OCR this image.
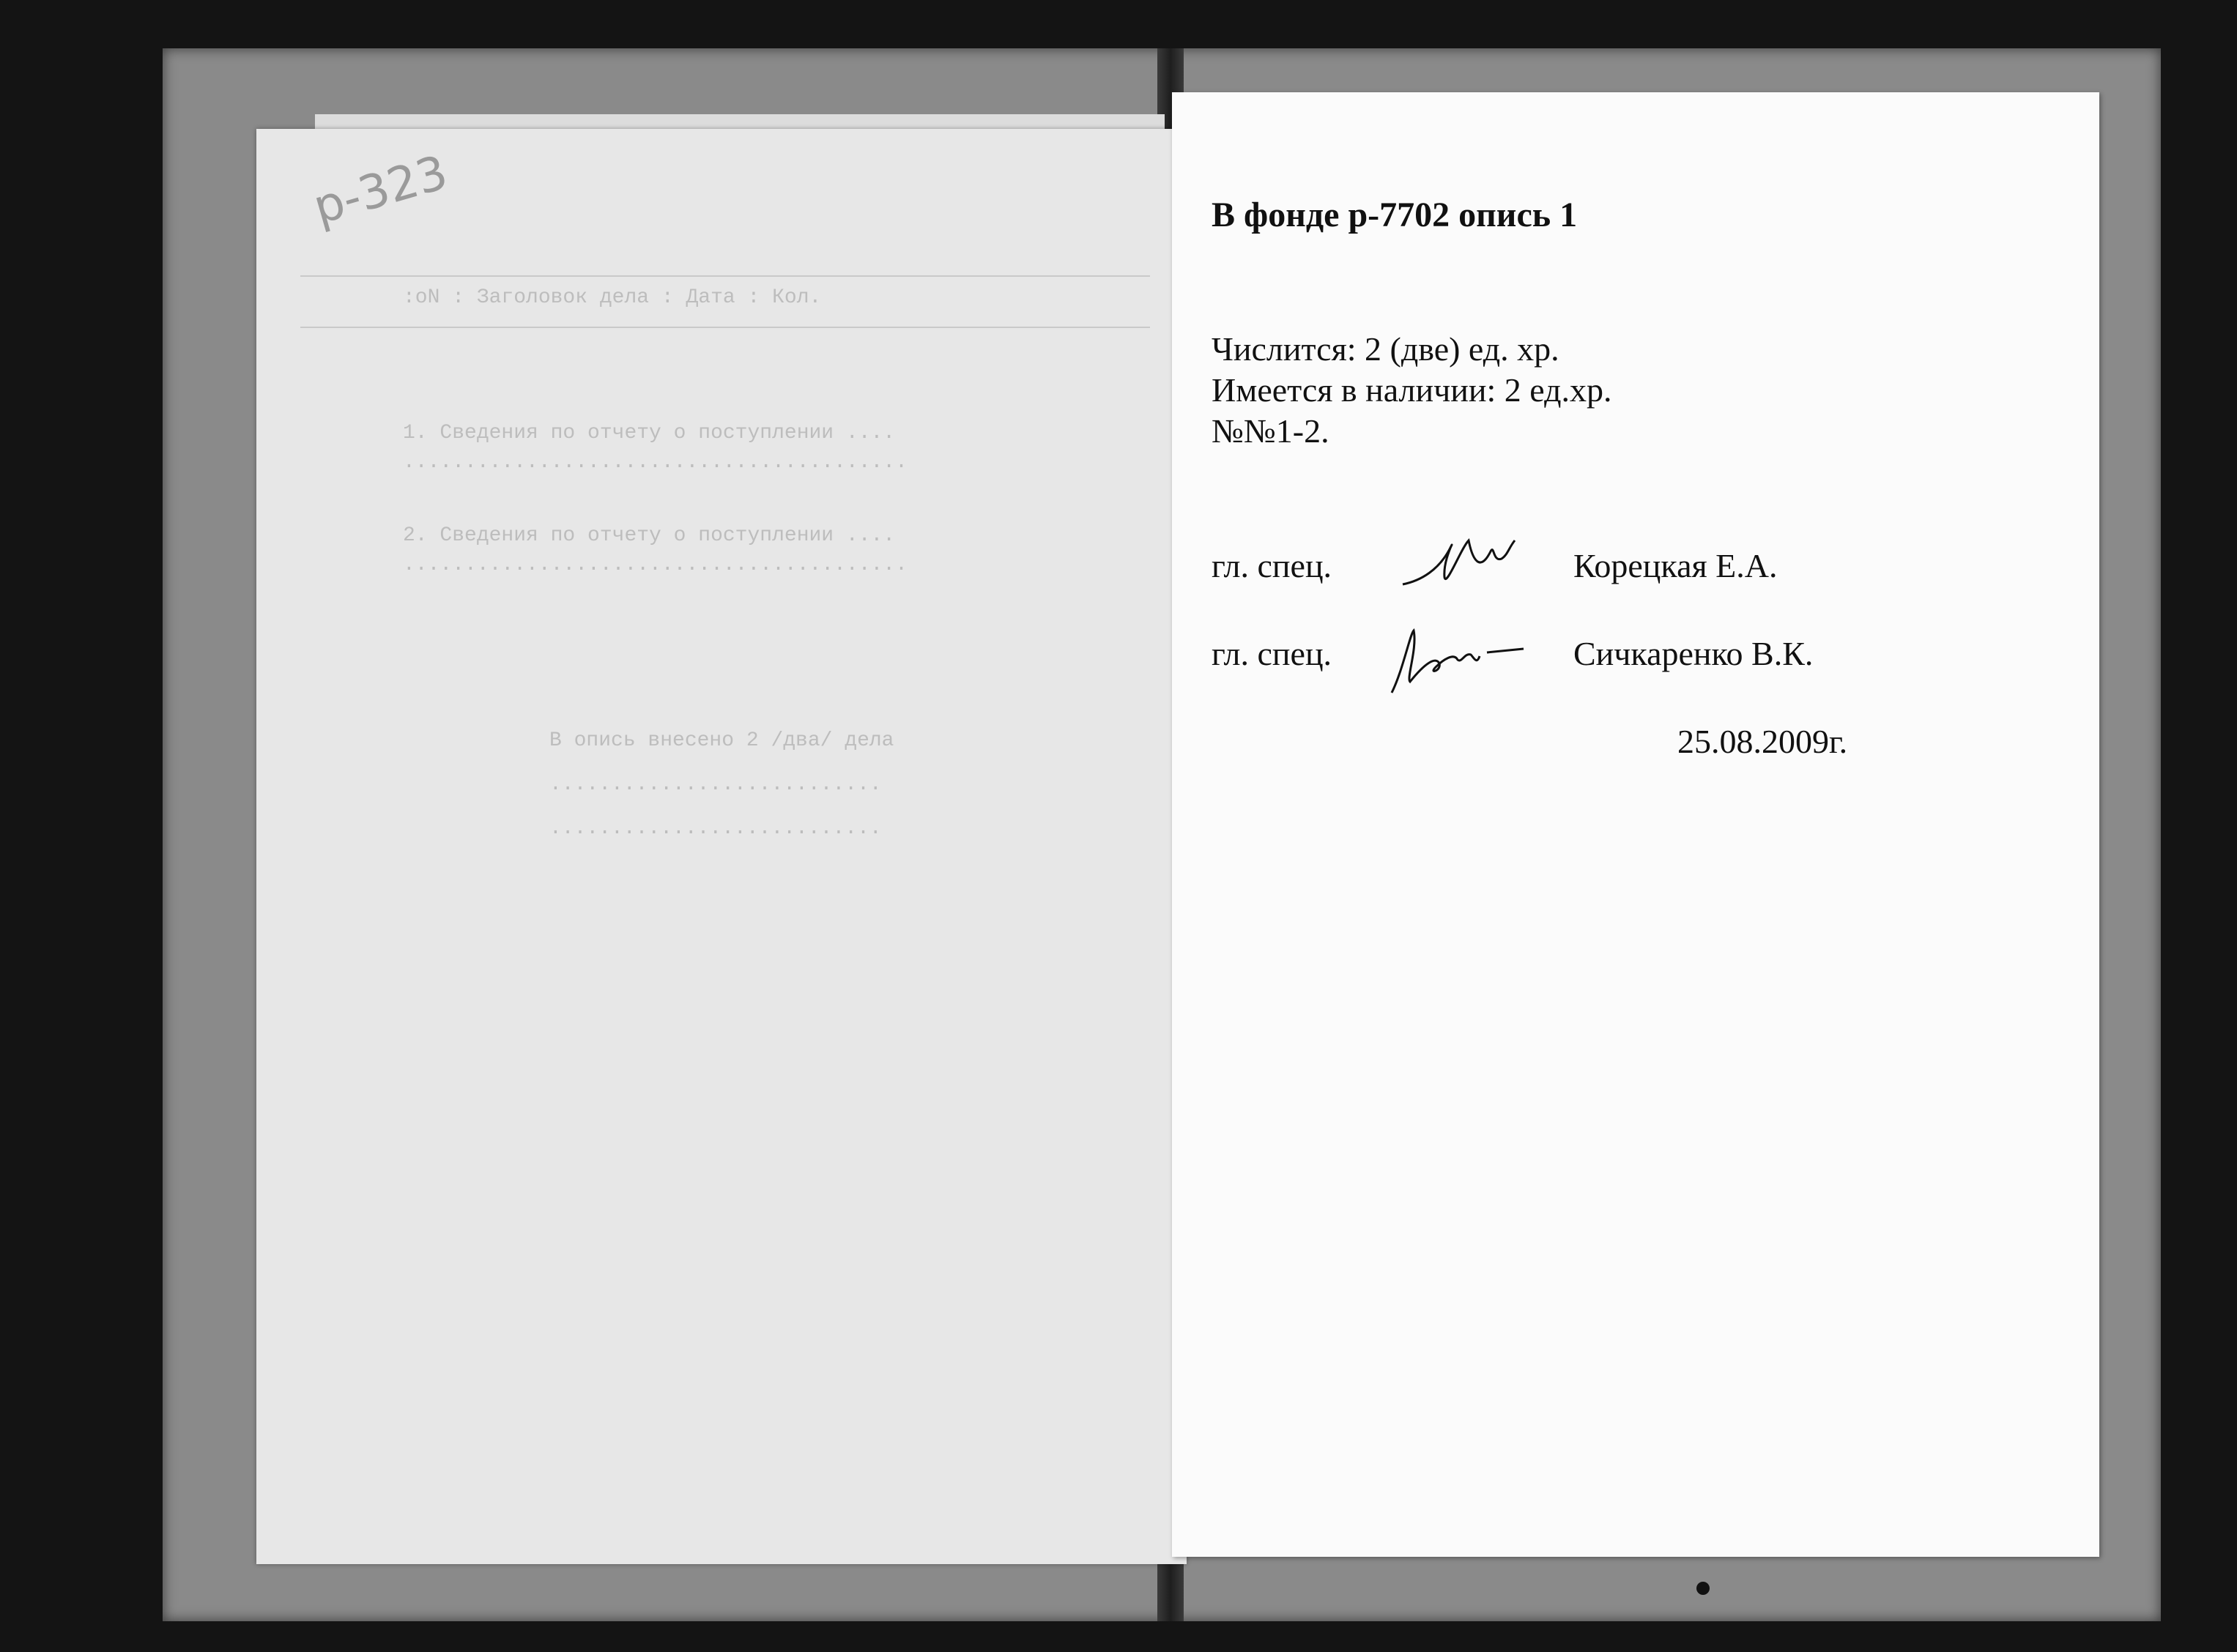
:oN : Заголовок дела : Дата : Кол.
1. Сведения по отчету о поступлении ....
.........................................
2. Сведения по отчету о поступлении ....
.........................................
В опись внесено 2 /два/ дела
...........................
...........................
р-323	В фонде р-7702 опись 1
Числится: 2 (две) ед. хр.
Имеется в наличии: 2 ед.хр.
№№1-2.
гл. спец.	Корецкая Е.А.
гл. спец.	Сичкаренко В.К.
25.08.2009г.
